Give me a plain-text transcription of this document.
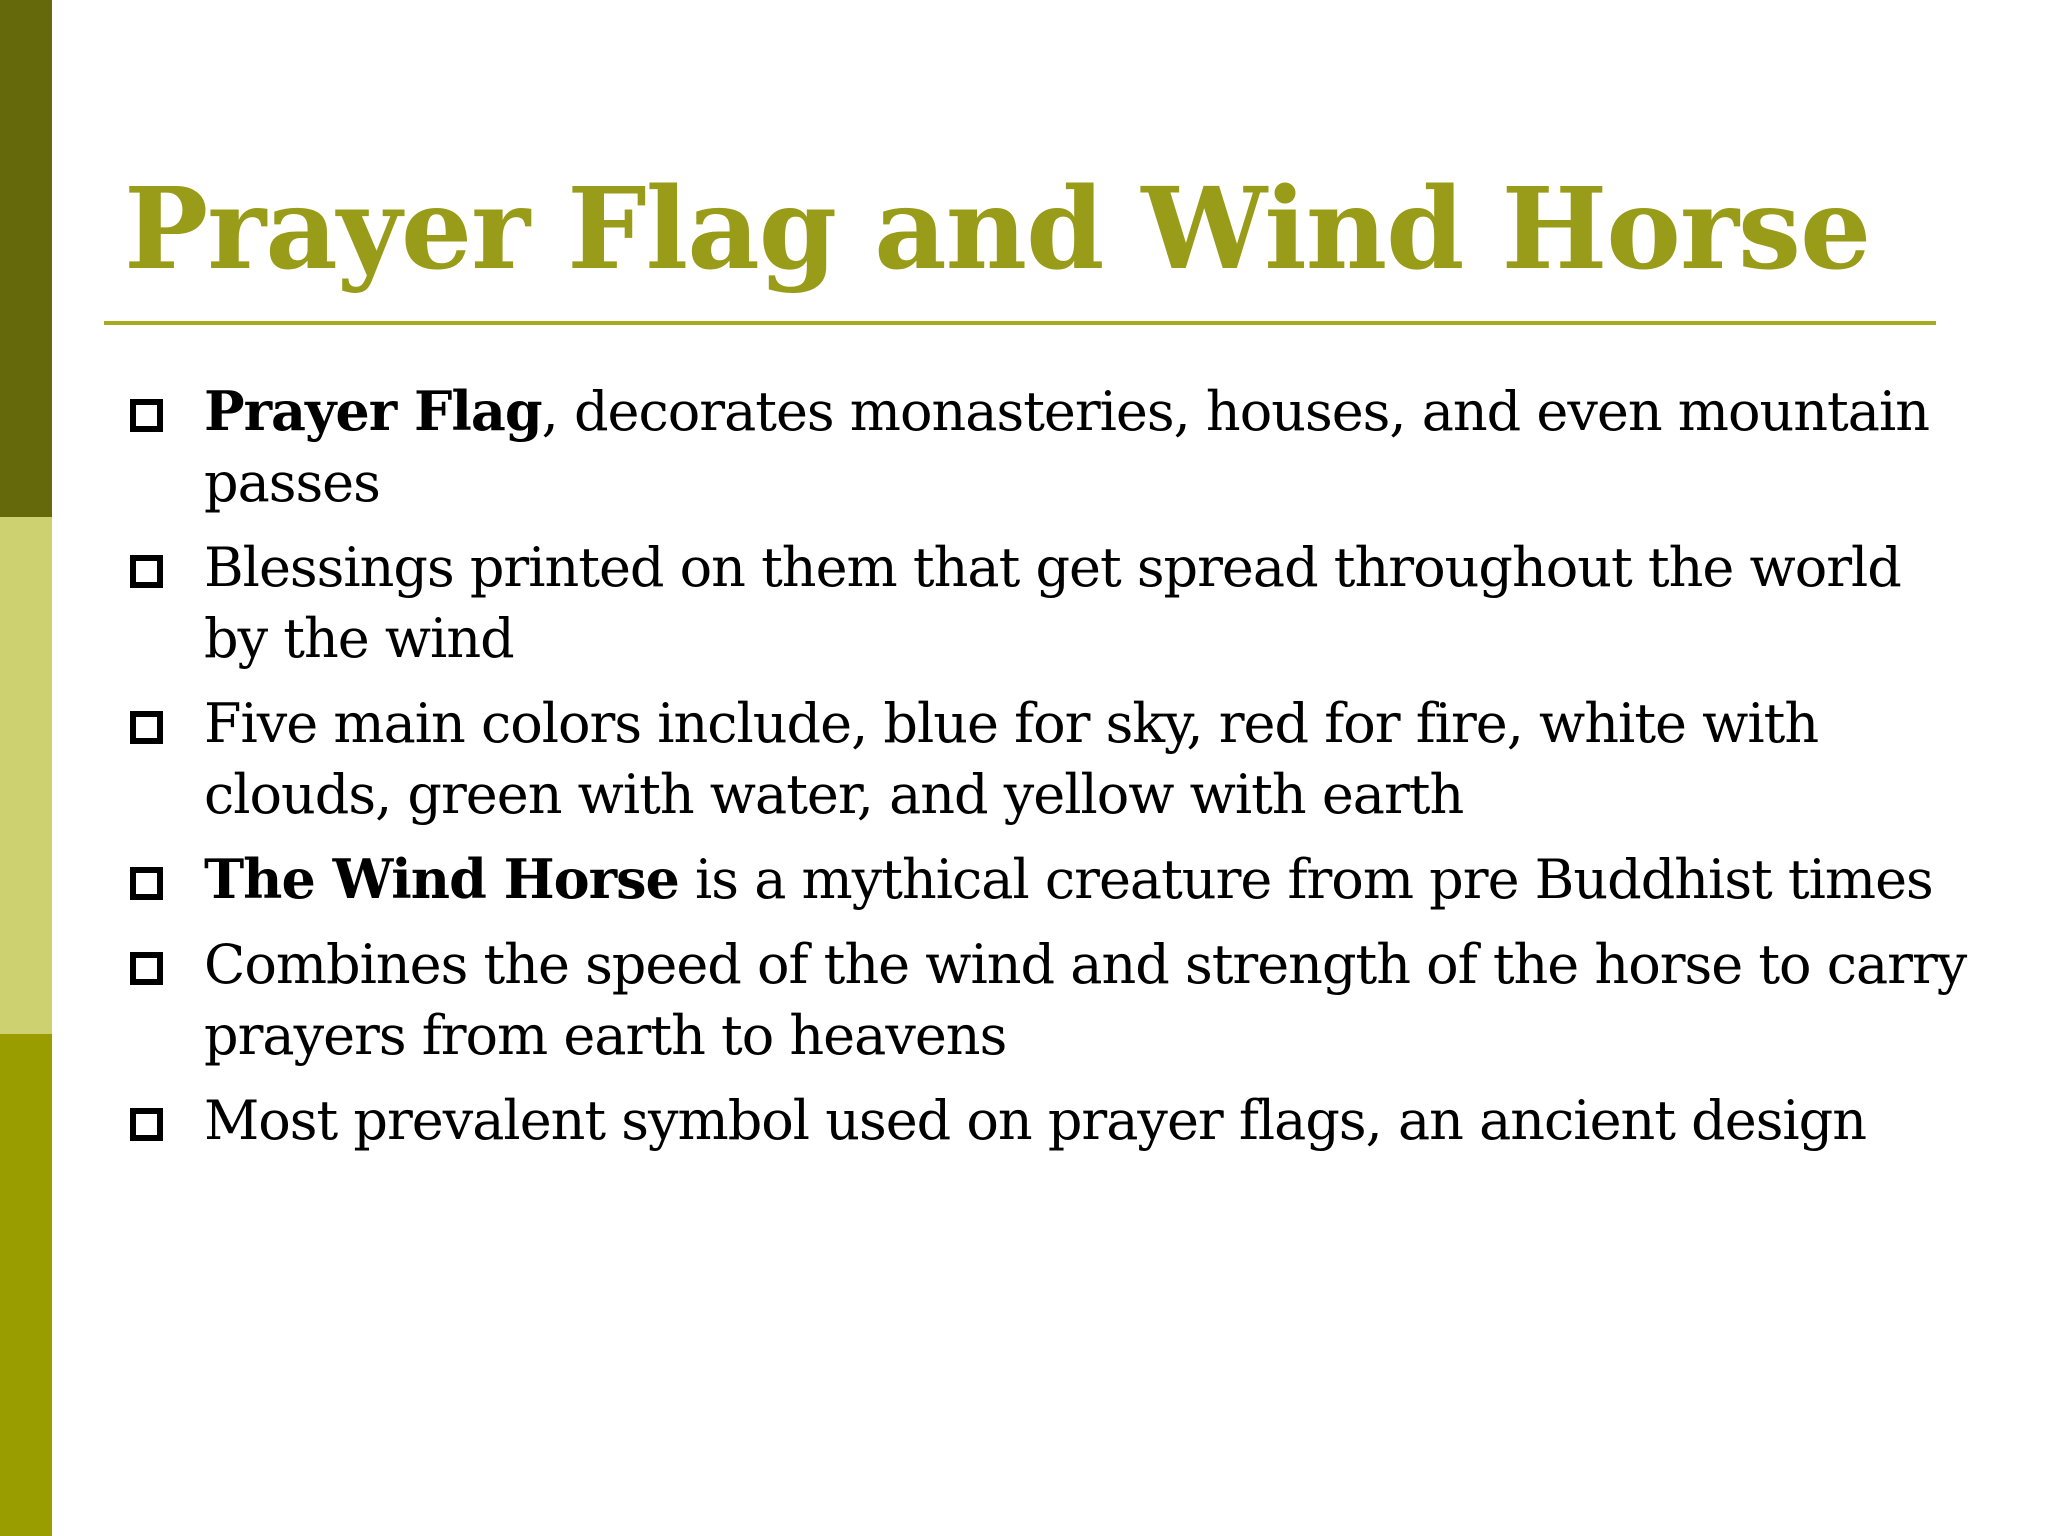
Prayer Flag and Wind Horse
Prayer Flag, decorates monasteries, houses, and even mountain passes
Blessings printed on them that get spread throughout the world by the wind
Five main colors include, blue for sky, red for fire, white with clouds, green with water, and yellow with earth
The Wind Horse is a mythical creature from pre Buddhist times
Combines the speed of the wind and strength of the horse to carry prayers from earth to heavens
Most prevalent symbol used on prayer flags, an ancient design
